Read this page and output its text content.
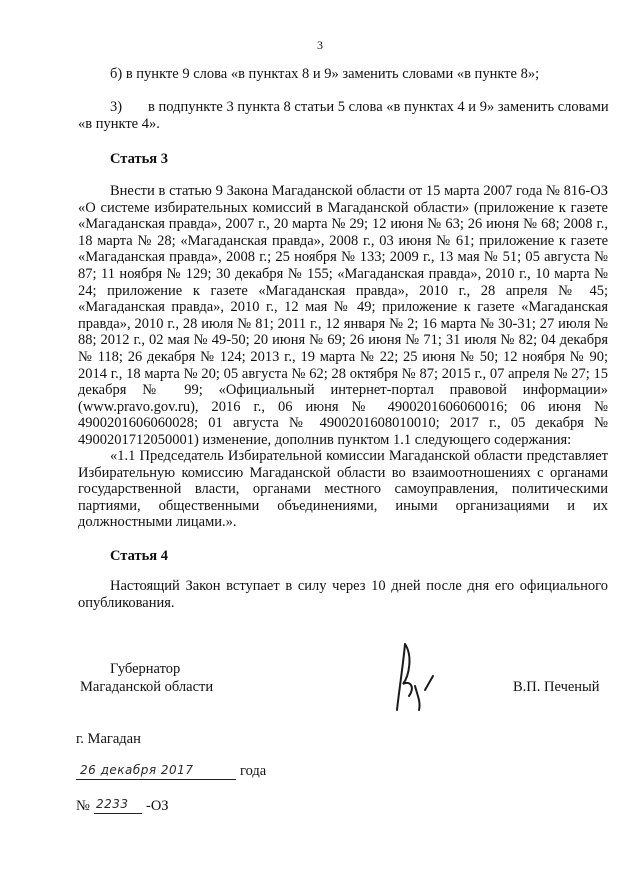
3
б) в пункте 9 слова «в пунктах 8 и 9» заменить словами «в пункте 8»;
3) в подпункте 3 пункта 8 статьи 5 слова «в пунктах 4 и 9» заменить словами
«в пункте 4».
Статья 3
Внести в статью 9 Закона Магаданской области от 15 марта 2007 года № 816-ОЗ «О системе избирательных комиссий в Магаданской области» (приложение к газете «Магаданская правда», 2007 г., 20 марта № 29; 12 июня № 63; 26 июня № 68; 2008 г., 18 марта № 28; «Магаданская правда», 2008 г., 03 июня № 61; приложение к газете «Магаданская правда», 2008 г.; 25 ноября № 133; 2009 г., 13 мая № 51; 05 августа № 87; 11 ноября № 129; 30 декабря № 155; «Магаданская правда», 2010 г., 10 марта № 24; приложение к газете «Магаданская правда», 2010 г., 28 апреля № 45; «Магаданская правда», 2010 г., 12 мая № 49; приложение к газете «Магаданская правда», 2010 г., 28 июля № 81; 2011 г., 12 января № 2; 16 марта № 30-31; 27 июля № 88; 2012 г., 02 мая № 49-50; 20 июня № 69; 26 июня № 71; 31 июля № 82; 04 декабря № 118; 26 декабря № 124; 2013 г., 19 марта № 22; 25 июня № 50; 12 ноября № 90; 2014 г., 18 марта № 20; 05 августа № 62; 28 октября № 87; 2015 г., 07 апреля № 27; 15 декабря № 99; «Официальный интернет-портал правовой информации» (www.pravo.gov.ru), 2016 г., 06 июня № 4900201606060016; 06 июня № 4900201606060028; 01 августа № 4900201608010010; 2017 г., 05 декабря № 4900201712050001) изменение, дополнив пунктом 1.1 следующего содержания:
«1.1 Председатель Избирательной комиссии Магаданской области представляет Избирательную комиссию Магаданской области во взаимоотношениях с органами государственной власти, органами местного самоуправления, политическими партиями, общественными объединениями, иными организациями и их должностными лицами.».
Статья 4
Настоящий Закон вступает в силу через 10 дней после дня его официального опубликования.
Губернатор
Магаданской области	В.П. Печеный
г. Магадан
26 декабря 2017	года
№ 2233 -ОЗ
